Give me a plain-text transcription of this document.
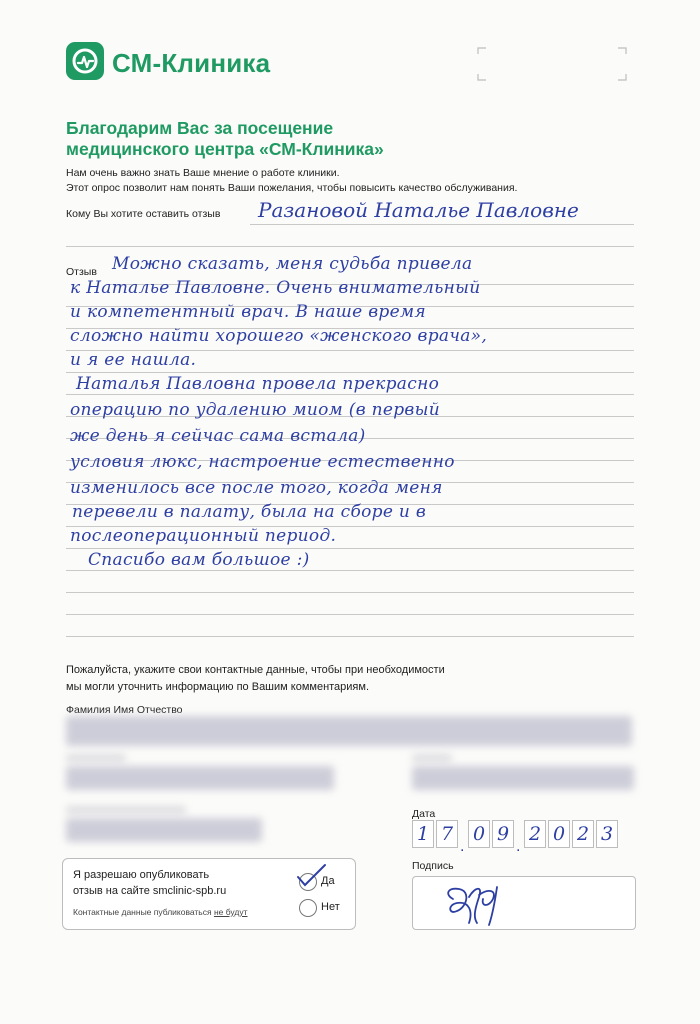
СМ-Клиника
Благодарим Вас за посещение
медицинского центра «СМ-Клиника»
Нам очень важно знать Ваше мнение о работе клиники.
Этот опрос позволит нам понять Ваши пожелания, чтобы повысить качество обслуживания.
Кому Вы хотите оставить отзыв Разановой Наталье Павловне
Отзыв Можно сказать, меня судьба привела
к Наталье Павловне. Очень внимательный
и компетентный врач. В наше время
сложно найти хорошего «женского врача»,
и я ее нашла.
Наталья Павловна провела прекрасно
операцию по удалению миом (в первый
же день я сейчас сама встала)
условия люкс, настроение естественно
изменилось все после того, когда меня
перевели в палату, была на сборе и в
послеоперационный период.
Спасибо вам большое :)
Пожалуйста, укажите свои контактные данные, чтобы при необходимости
мы могли уточнить информацию по Вашим комментариям.
Фамилия Имя Отчество
Дата
1 7
.
0 9
.
2 0 2 3
Я разрешаю опубликовать
отзыв на сайте smclinic-spb.ru
Контактные данные публиковаться не будут
Да
Нет
Подпись
